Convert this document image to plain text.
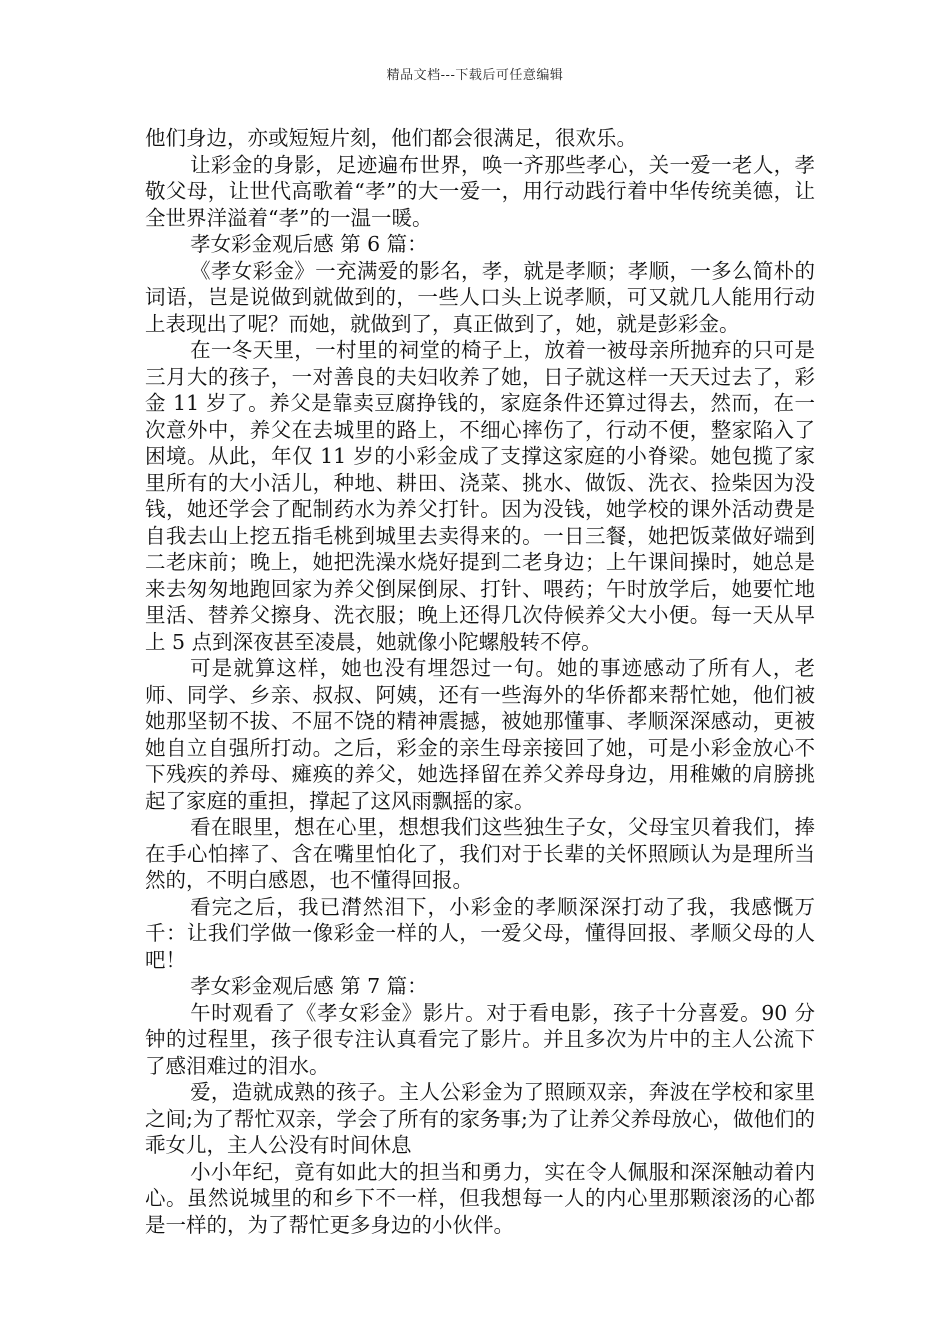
精品文档---下载后可任意编辑

他们身边，亦或短短片刻，他们都会很满足，很欢乐。

让彩金的身影，足迹遍布世界，唤一齐那些孝心，关一爱一老人，孝敬父母，让世代高歌着“孝”的大一爱一，用行动践行着中华传统美德，让全世界洋溢着“孝”的一温一暖。

孝女彩金观后感 第 6 篇：

《孝女彩金》一充满爱的影名，孝，就是孝顺；孝顺，一多么简朴的词语，岂是说做到就做到的，一些人口头上说孝顺，可又就几人能用行动上表现出了呢？而她，就做到了，真正做到了，她，就是彭彩金。

在一冬天里，一村里的祠堂的椅子上，放着一被母亲所抛弃的只可是三月大的孩子，一对善良的夫妇收养了她，日子就这样一天天过去了，彩金 11 岁了。养父是靠卖豆腐挣钱的，家庭条件还算过得去，然而，在一次意外中，养父在去城里的路上，不细心摔伤了，行动不便，整家陷入了困境。从此，年仅 11 岁的小彩金成了支撑这家庭的小脊梁。她包揽了家里所有的大小活儿，种地、耕田、浇菜、挑水、做饭、洗衣、捡柴因为没钱，她还学会了配制药水为养父打针。因为没钱，她学校的课外活动费是自我去山上挖五指毛桃到城里去卖得来的。一日三餐，她把饭菜做好端到二老床前；晚上，她把洗澡水烧好提到二老身边；上午课间操时，她总是来去匆匆地跑回家为养父倒屎倒尿、打针、喂药；午时放学后，她要忙地里活、替养父擦身、洗衣服；晚上还得几次侍候养父大小便。每一天从早上 5 点到深夜甚至凌晨，她就像小陀螺般转不停。

可是就算这样，她也没有埋怨过一句。她的事迹感动了所有人，老师、同学、乡亲、叔叔、阿姨，还有一些海外的华侨都来帮忙她，他们被她那坚韧不拔、不屈不饶的精神震撼，被她那懂事、孝顺深深感动，更被她自立自强所打动。之后，彩金的亲生母亲接回了她，可是小彩金放心不下残疾的养母、瘫痪的养父，她选择留在养父养母身边，用稚嫩的肩膀挑起了家庭的重担，撑起了这风雨飘摇的家。

看在眼里，想在心里，想想我们这些独生子女，父母宝贝着我们，捧在手心怕摔了、含在嘴里怕化了，我们对于长辈的关怀照顾认为是理所当然的，不明白感恩，也不懂得回报。

看完之后，我已潸然泪下，小彩金的孝顺深深打动了我，我感慨万千：让我们学做一像彩金一样的人，一爱父母，懂得回报、孝顺父母的人吧！

孝女彩金观后感 第 7 篇：

午时观看了《孝女彩金》影片。对于看电影，孩子十分喜爱。90 分钟的过程里，孩子很专注认真看完了影片。并且多次为片中的主人公流下了感泪难过的泪水。

爱，造就成熟的孩子。主人公彩金为了照顾双亲，奔波在学校和家里之间;为了帮忙双亲，学会了所有的家务事;为了让养父养母放心，做他们的乖女儿，主人公没有时间休息

小小年纪，竟有如此大的担当和勇力，实在令人佩服和深深触动着内心。虽然说城里的和乡下不一样，但我想每一人的内心里那颗滚汤的心都是一样的，为了帮忙更多身边的小伙伴。
